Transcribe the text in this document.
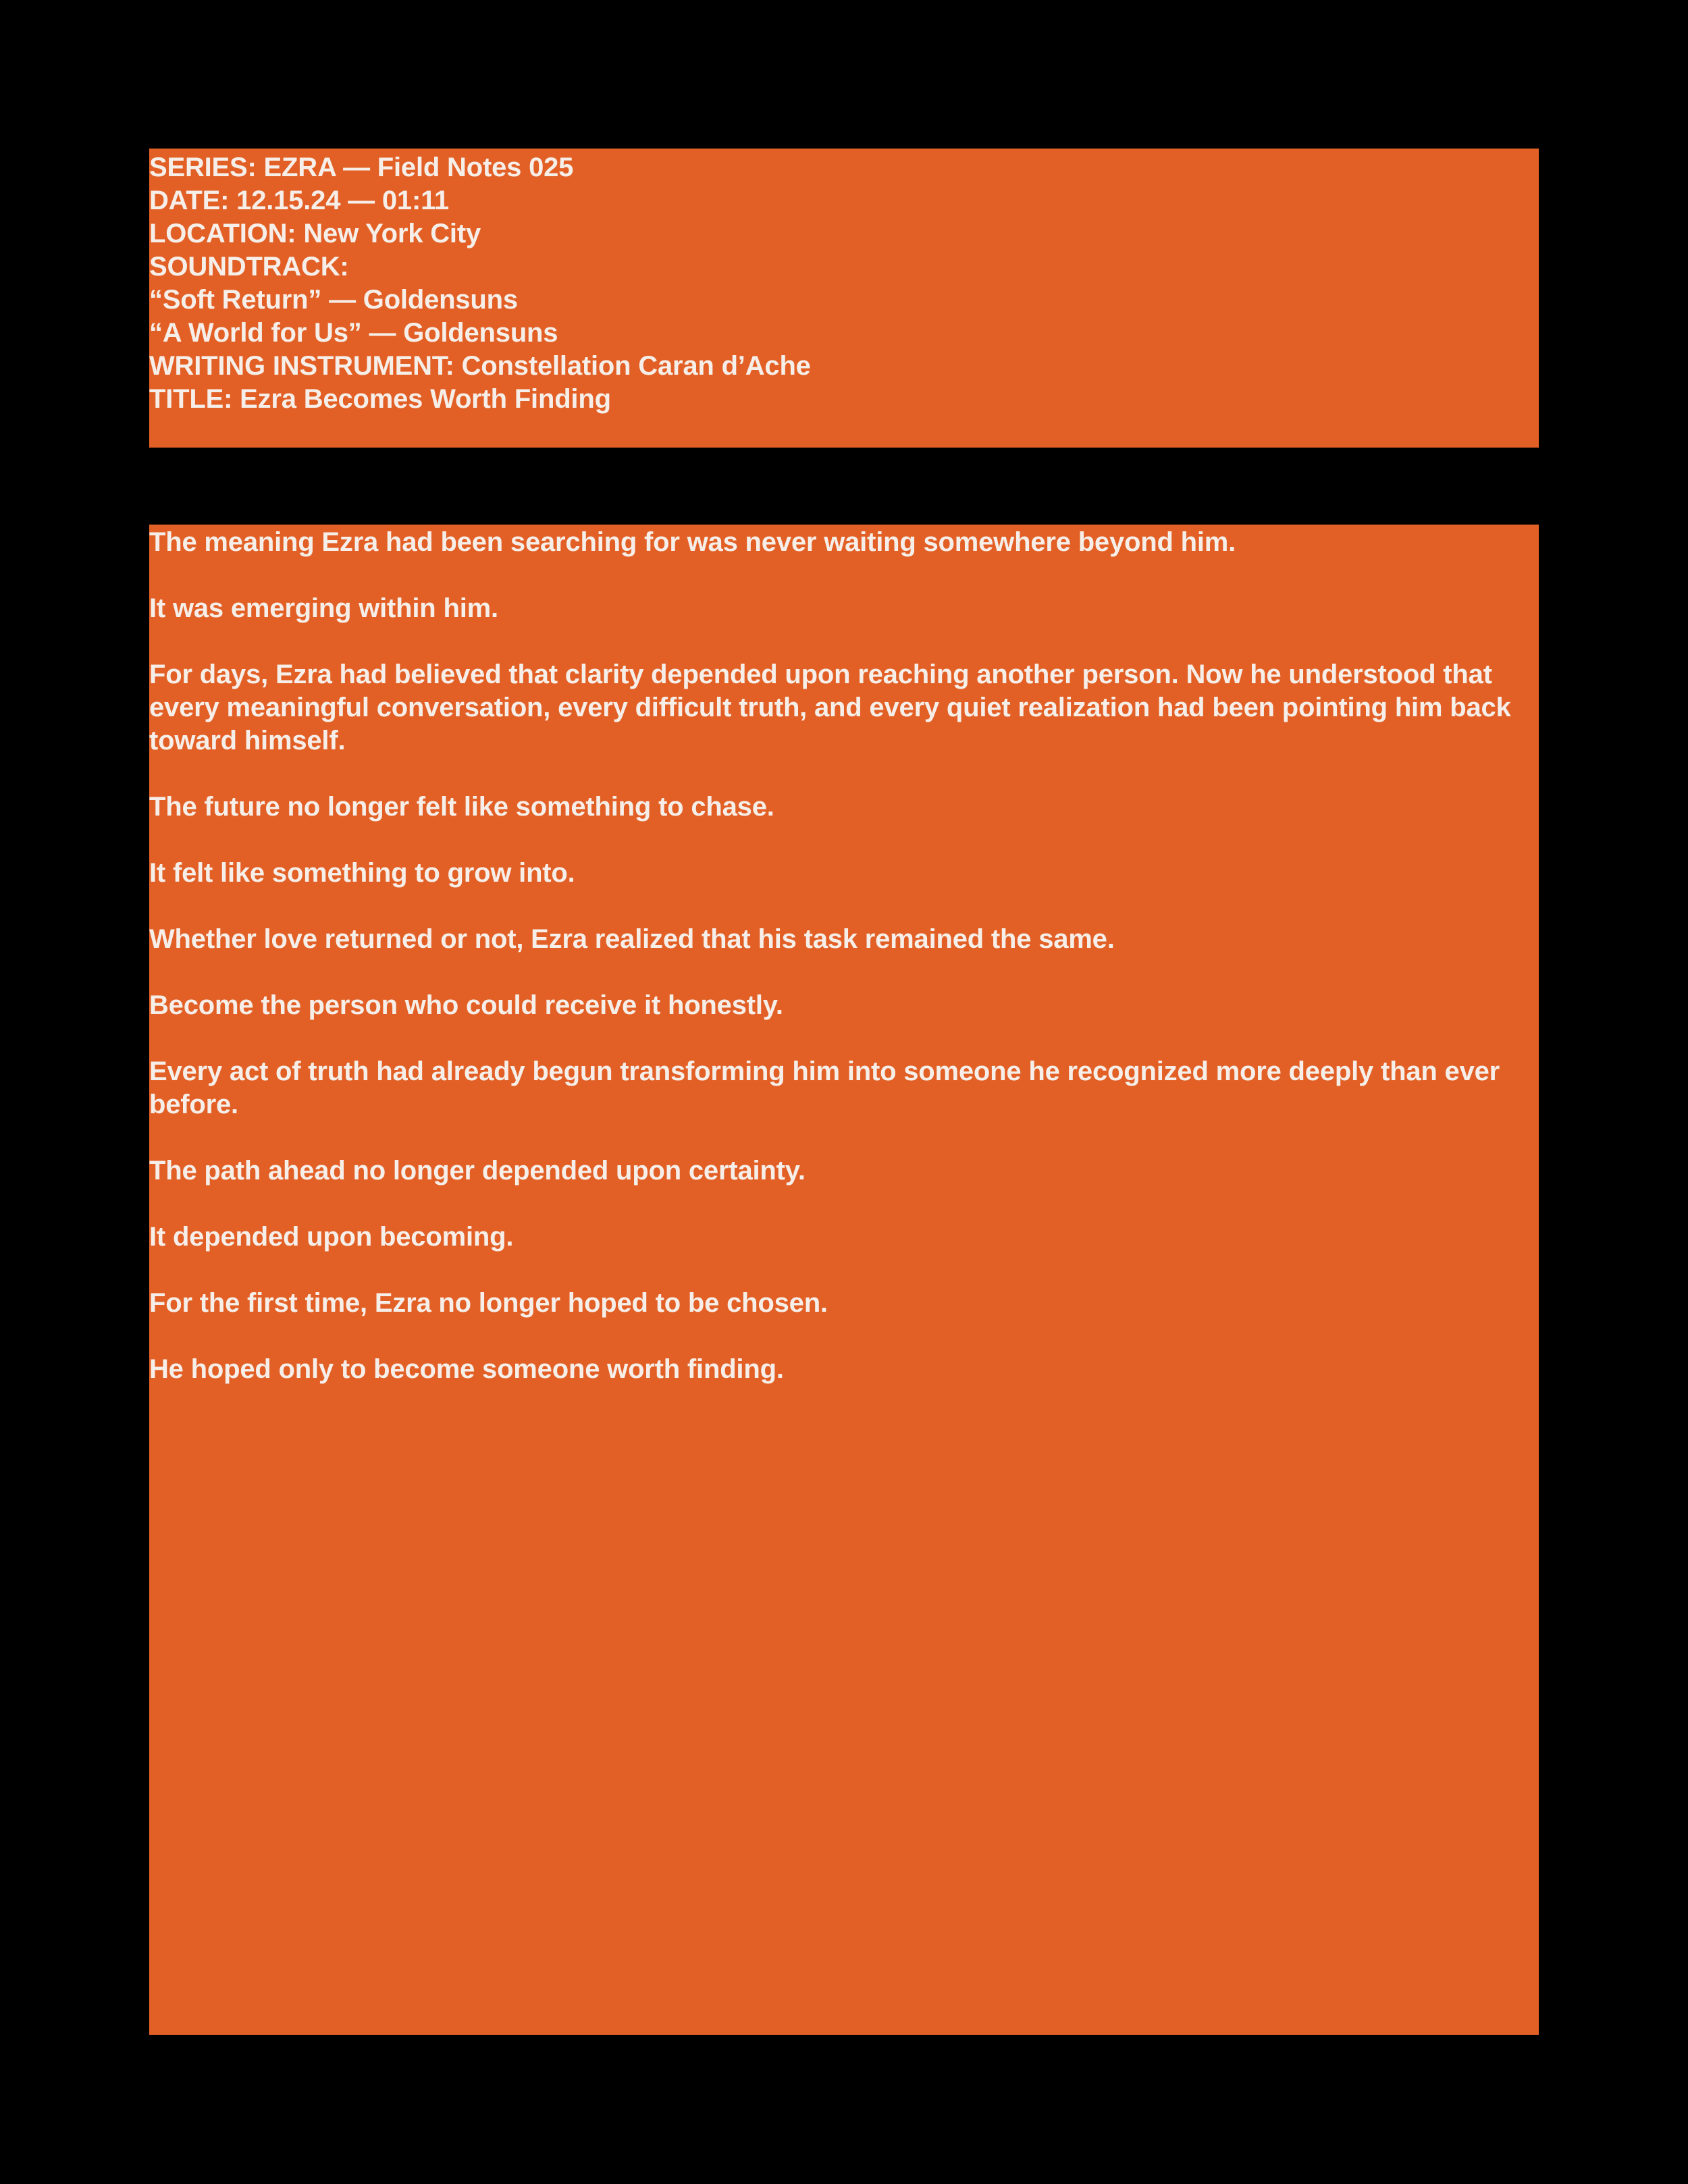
SERIES: EZRA — Field Notes 025
DATE: 12.15.24 — 01:11
LOCATION: New York City
SOUNDTRACK:
“Soft Return” — Goldensuns
“A World for Us” — Goldensuns
WRITING INSTRUMENT: Constellation Caran d’Ache
TITLE: Ezra Becomes Worth Finding

The meaning Ezra had been searching for was never waiting somewhere beyond him.

It was emerging within him.

For days, Ezra had believed that clarity depended upon reaching another person. Now he understood that every meaningful conversation, every difficult truth, and every quiet realization had been pointing him back toward himself.

The future no longer felt like something to chase.

It felt like something to grow into.

Whether love returned or not, Ezra realized that his task remained the same.

Become the person who could receive it honestly.

Every act of truth had already begun transforming him into someone he recognized more deeply than ever before.

The path ahead no longer depended upon certainty.

It depended upon becoming.

For the first time, Ezra no longer hoped to be chosen.

He hoped only to become someone worth finding.
